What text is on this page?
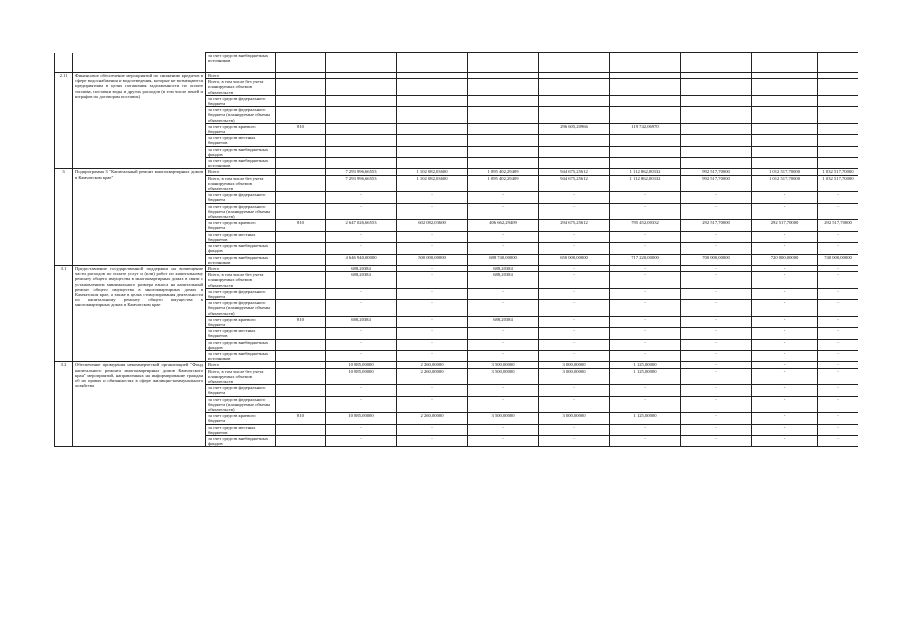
		за счет средств внебюджетных источников									
2.11	Финансовое обеспечение мероприятий по снижению кредитов в сфере водоснабжения и водоотведения, которые не возмещаются предприятиям в целях погашения задолженности по оплате топлива, поставки воды и других расходов (в том числе пеней и штрафов по договорам поставок)	Всего									
		Всего, в том числе без учета планируемых объемов обязательств									
		за счет средств федерального бюджета									
		за счет средств федерального бюджета (планируемые объемы обязательств)									
		за счет средств краевого бюджета	810				296 605,20966	119 742,06970			
		за счет средств местных бюджетов									
		за счет средств внебюджетных фондов									
		за счет средств внебюджетных источников									
3	Подпрограмма 3 "Капитальный ремонт многоквартирных домов в Камчатском крае"	Всего		7 293 996,66553	1 102 082,03600	1 095 402,29409	944 675,25612	1 112 862,00332	992 517,70000	1 012 517,70000	1 032 517,70000
		Всего, в том числе без учета планируемых объемов обязательств		7 293 996,66553	1 102 082,03600	1 095 402,29409	944 675,25612	1 112 862,00332	992 517,70000	1 012 517,70000	1 032 517,70000
		за счет средств федерального бюджета		-	-	-	-	-	-	-	-
		за счет средств федерального бюджета (планируемые объемы обязательств)		-	-	-	-	-	-	-	-
		за счет средств краевого бюджета	810	2 647 026,66553	602 082,03600	406 662,29409	294 675,25612	795 452,00332	292 517,70000	292 517,70000	292 517,70000
		за счет средств местных бюджетов		-	-	-	-	-	-	-	-
		за счет средств внебюджетных фондов		-	-	-	-	-	-	-	-
		за счет средств внебюджетных источников		4 646 940,00000	500 000,00000	688 740,00000	650 000,00000	717 220,00000	700 000,00000	720 000,00000	740 000,00000
3.1	Предоставление государственной поддержки на возмещение части расходов по оплате услуг и (или) работ по капитальному ремонту общего имущества в многоквартирных домах в связи с установлением минимального размера взноса на капитальный ремонт общего имущества в многоквартирных домах в Камчатском крае, а также в целях стимулирования деятельности по капитальному ремонту общего имущества в многоквартирных домах в Камчатском крае	Всего		688,20384	-	688,20384	-	-	-	-	-
		Всего, в том числе без учета планируемых объемов обязательств		688,20384	-	688,20384	-	-	-	-	-
		за счет средств федерального бюджета		-	-	-	-	-	-	-	-
		за счет средств федерального бюджета (планируемые объемы обязательств)		-	-	-	-	-	-	-	-
		за счет средств краевого бюджета	810	688,20384	-	688,20384	-	-	-	-	-
		за счет средств местных бюджетов		-	-	-	-	-	-	-	-
		за счет средств внебюджетных фондов		-	-	-	-	-	-	-	-
		за счет средств внебюджетных источников		-	-	-	-	-	-	-	-
3.2	Обеспечение проведения некоммерческой организацией "Фонд капитального ремонта многоквартирных домов Камчатского края" мероприятий, направленных на информирование граждан об их правах и обязанностях в сфере жилищно-коммунального хозяйства	Всего		10 885,00000	2 260,00000	3 500,00000	3 000,00000	1 125,00000	-	-	-
		Всего, в том числе без учета планируемых объемов обязательств		10 885,00000	2 260,00000	3 500,00000	3 000,00000	1 125,00000	-	-	-
		за счет средств федерального бюджета		-	-	-	-	-	-	-	-
		за счет средств федерального бюджета (планируемые объемы обязательств)		-	-	-	-	-	-	-	-
		за счет средств краевого бюджета	810	10 885,00000	2 260,00000	3 500,00000	3 000,00000	1 125,00000	-	-	-
		за счет средств местных бюджетов		-	-	-	-	-	-	-	-
		за счет средств внебюджетных фондов		-	-	-	-	-	-	-	-
